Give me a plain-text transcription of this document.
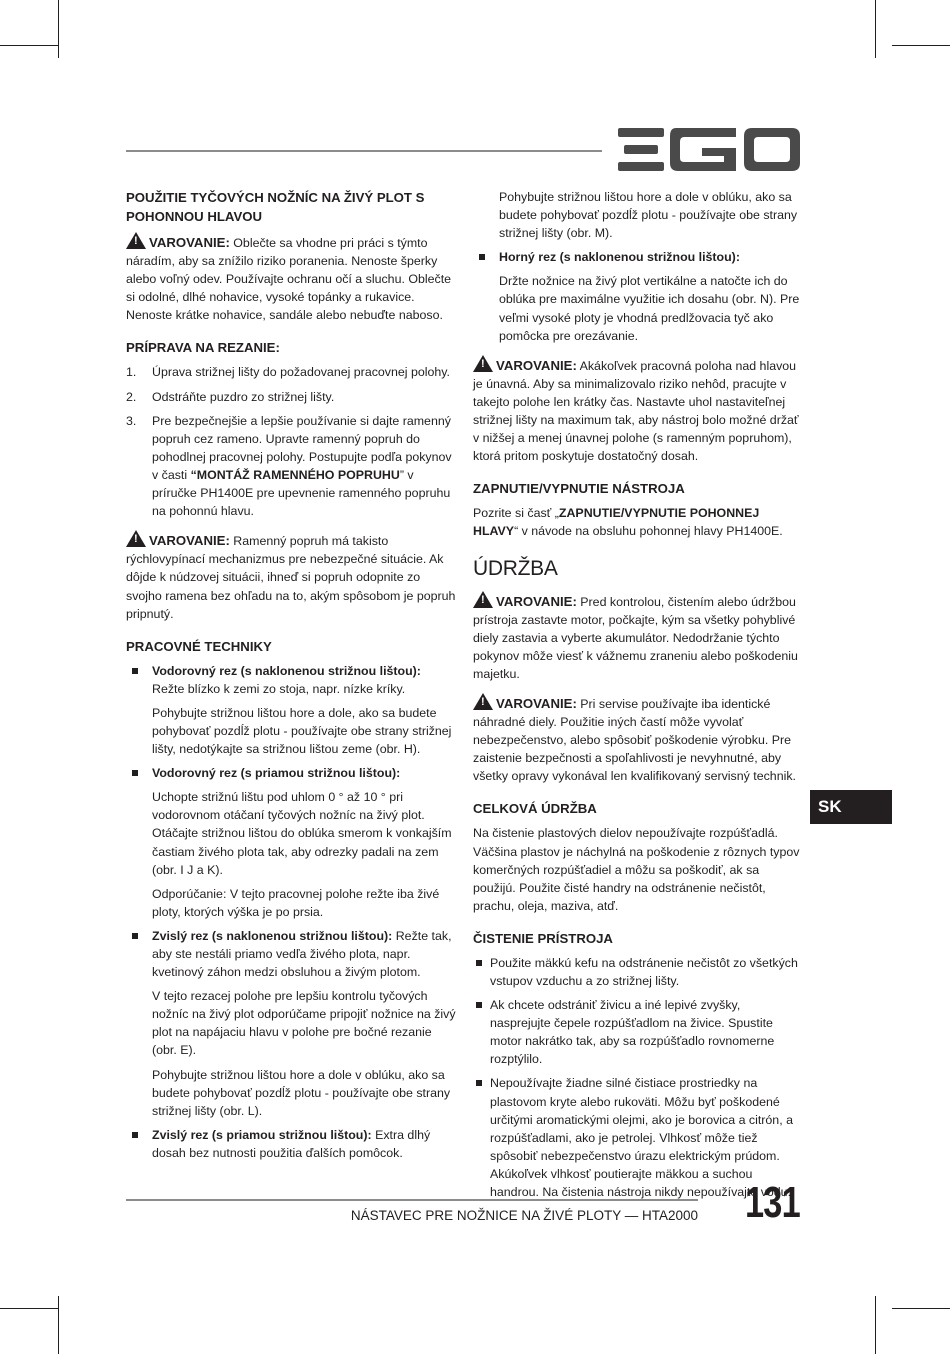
POUŽITIE TYČOVÝCH NOŽNÍC NA ŽIVÝ PLOT S POHONNOU HLAVOU

!VAROVANIE: Oblečte sa vhodne pri práci s týmto náradím, aby sa znížilo riziko poranenia. Nenoste šperky alebo voľný odev. Používajte ochranu očí a sluchu. Oblečte si odolné, dlhé nohavice, vysoké topánky a rukavice. Nenoste krátke nohavice, sandále alebo nebuďte naboso.

PRÍPRAVA NA REZANIE:
1. Úprava strižnej lišty do požadovanej pracovnej polohy.
2. Odstráňte puzdro zo strižnej lišty.
3. Pre bezpečnejšie a lepšie používanie si dajte ramenný popruh cez rameno. Upravte ramenný popruh do pohodlnej pracovnej polohy. Postupujte podľa pokynov v časti “MONTÁŽ RAMENNÉHO POPRUHU” v príručke PH1400E pre upevnenie ramenného popruhu na pohonnú hlavu.

!VAROVANIE: Ramenný popruh má takisto rýchlovypínací mechanizmus pre nebezpečné situácie. Ak dôjde k núdzovej situácii, ihneď si popruh odopnite zo svojho ramena bez ohľadu na to, akým spôsobom je popruh pripnutý.

PRACOVNÉ TECHNIKY
Vodorovný rez (s naklonenou strižnou lištou): Režte blízko k zemi zo stoja, napr. nízke kríky.
Pohybujte strižnou lištou hore a dole, ako sa budete pohybovať pozdĺž plotu - používajte obe strany strižnej lišty, nedotýkajte sa strižnou lištou zeme (obr. H).
Vodorovný rez (s priamou strižnou lištou):
Uchopte strižnú lištu pod uhlom 0 ° až 10 ° pri vodorovnom otáčaní tyčových nožníc na živý plot. Otáčajte strižnou lištou do oblúka smerom k vonkajším častiam živého plota tak, aby odrezky padali na zem (obr. I J a K).
Odporúčanie: V tejto pracovnej polohe režte iba živé ploty, ktorých výška je po prsia.
Zvislý rez (s naklonenou strižnou lištou): Režte tak, aby ste nestáli priamo vedľa živého plota, napr. kvetinový záhon medzi obsluhou a živým plotom.
V tejto rezacej polohe pre lepšiu kontrolu tyčových nožníc na živý plot odporúčame pripojiť nožnice na živý plot na napájaciu hlavu v polohe pre bočné rezanie (obr. E).
Pohybujte strižnou lištou hore a dole v oblúku, ako sa budete pohybovať pozdĺž plotu - používajte obe strany strižnej lišty (obr. L).
Zvislý rez (s priamou strižnou lištou): Extra dlhý dosah bez nutnosti použitia ďalších pomôcok.
Pohybujte strižnou lištou hore a dole v oblúku, ako sa budete pohybovať pozdĺž plotu - používajte obe strany strižnej lišty (obr. M).
Horný rez (s naklonenou strižnou lištou):
Držte nožnice na živý plot vertikálne a natočte ich do oblúka pre maximálne využitie ich dosahu (obr. N). Pre veľmi vysoké ploty je vhodná predlžovacia tyč ako pomôcka pre orezávanie.

!VAROVANIE: Akákoľvek pracovná poloha nad hlavou je únavná. Aby sa minimalizovalo riziko nehôd, pracujte v takejto polohe len krátky čas. Nastavte uhol nastaviteľnej strižnej lišty na maximum tak, aby nástroj bolo možné držať v nižšej a menej únavnej polohe (s ramenným popruhom), ktorá pritom poskytuje dostatočný dosah.

ZAPNUTIE/VYPNUTIE NÁSTROJA

Pozrite si časť „ZAPNUTIE/VYPNUTIE POHONNEJ HLAVY“ v návode na obsluhu pohonnej hlavy PH1400E.

ÚDRŽBA

!VAROVANIE: Pred kontrolou, čistením alebo údržbou prístroja zastavte motor, počkajte, kým sa všetky pohyblivé diely zastavia a vyberte akumulátor. Nedodržanie týchto pokynov môže viesť k vážnemu zraneniu alebo poškodeniu majetku.

!VAROVANIE: Pri servise používajte iba identické náhradné diely. Použitie iných častí môže vyvolať nebezpečenstvo, alebo spôsobiť poškodenie výrobku. Pre zaistenie bezpečnosti a spoľahlivosti je nevyhnutné, aby všetky opravy vykonával len kvalifikovaný servisný technik.

CELKOVÁ ÚDRŽBA

Na čistenie plastových dielov nepoužívajte rozpúšťadlá. Väčšina plastov je náchylná na poškodenie z rôznych typov komerčných rozpúšťadiel a môžu sa poškodiť, ak sa použijú. Použite čisté handry na odstránenie nečistôt, prachu, oleja, maziva, atď.

ČISTENIE PRÍSTROJA
Použite mäkkú kefu na odstránenie nečistôt zo všetkých vstupov vzduchu a zo strižnej lišty.
Ak chcete odstrániť živicu a iné lepivé zvyšky, nasprejujte čepele rozpúšťadlom na živice. Spustite motor nakrátko tak, aby sa rozpúšťadlo rovnomerne rozptýlilo.
Nepoužívajte žiadne silné čistiace prostriedky na plastovom kryte alebo rukoväti. Môžu byť poškodené určitými aromatickými olejmi, ako je borovica a citrón, a rozpúšťadlami, ako je petrolej. Vlhkosť môže tiež spôsobiť nebezpečenstvo úrazu elektrickým prúdom. Akúkoľvek vlhkosť poutierajte mäkkou a suchou handrou. Na čistenia nástroja nikdy nepoužívajte vodu.
SK
NÁSTAVEC PRE NOŽNICE NA ŽIVÉ PLOTY — HTA2000 131
